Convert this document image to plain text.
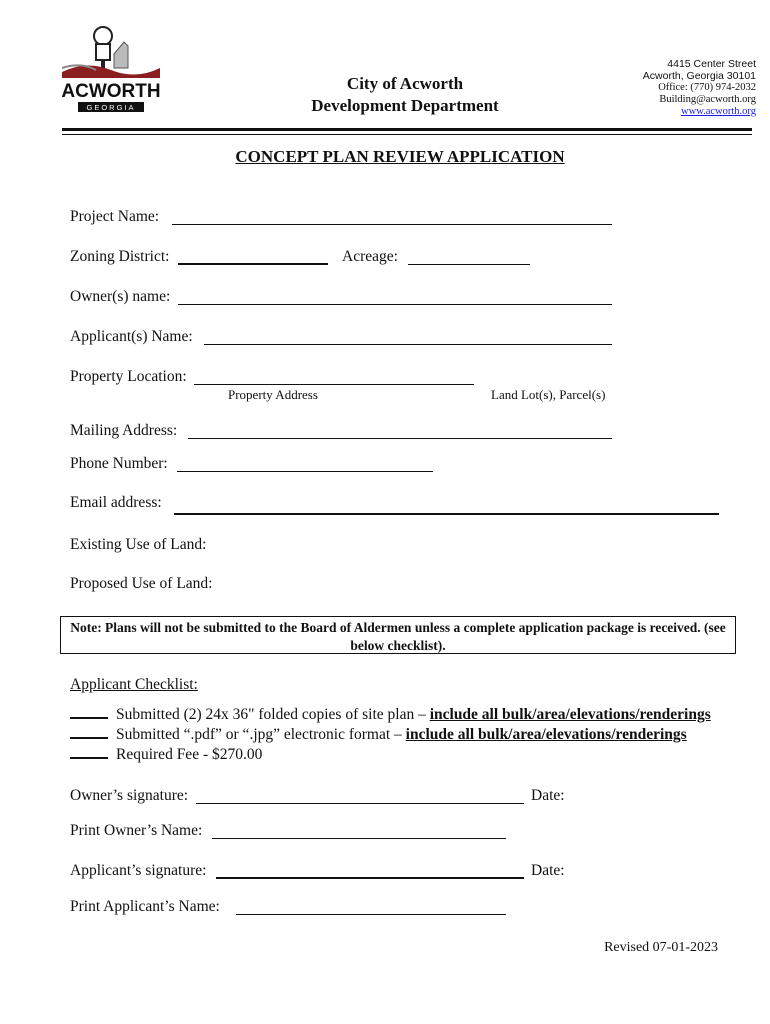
ACWORTH
GEORGIA
City of Acworth
Development Department
4415 Center Street
Acworth, Georgia 30101
Office: (770) 974-2032
Building@acworth.org
www.acworth.org
CONCEPT PLAN REVIEW APPLICATION
Project Name:
Zoning District:	Acreage:
Owner(s) name:
Applicant(s) Name:
Property Location:
Property Address	Land Lot(s), Parcel(s)
Mailing Address:
Phone Number:
Email address:
Existing Use of Land:
Proposed Use of Land:
Note: Plans will not be submitted to the Board of Aldermen unless a complete application package is received. (see below checklist).
Applicant Checklist:
Submitted (2) 24x 36" folded copies of site plan – include all bulk/area/elevations/renderings
Submitted “.pdf” or “.jpg” electronic format – include all bulk/area/elevations/renderings
Required Fee - $270.00
Owner’s signature:	Date:
Print Owner’s Name:
Applicant’s signature:	Date:
Print Applicant’s Name:
Revised 07-01-2023
